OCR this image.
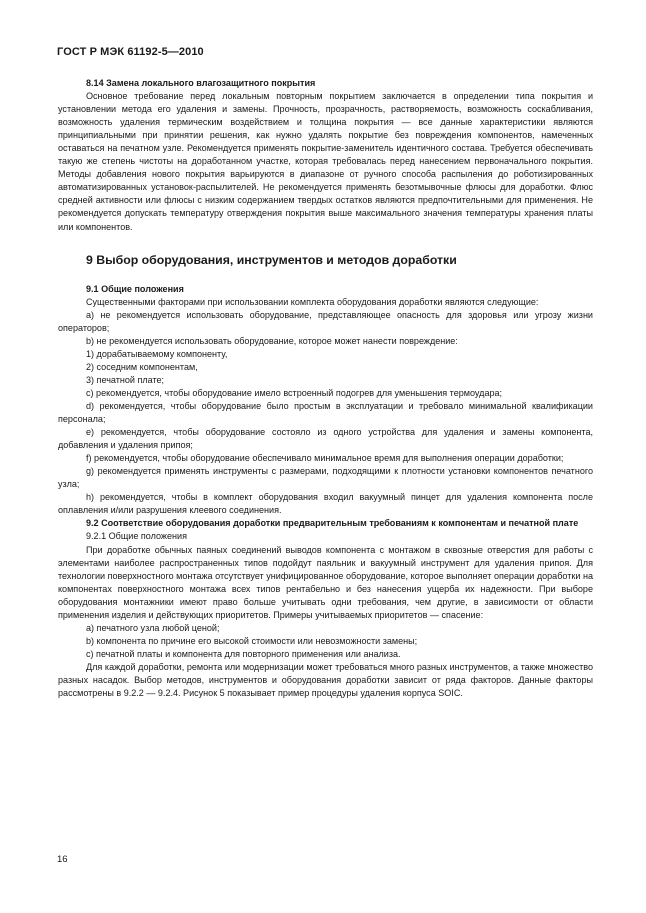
ГОСТ Р МЭК 61192-5—2010

8.14 Замена локального влагозащитного покрытия

Основное требование перед локальным повторным покрытием заключается в определении типа покрытия и установлении метода его удаления и замены. Прочность, прозрачность, растворяемость, возможность соскабливания, возможность удаления термическим воздействием и толщина покрытия — все данные характеристики являются принципиальными при принятии решения, как нужно удалять покрытие без повреждения компонентов, намеченных оставаться на печатном узле. Рекомендуется применять покрытие-заменитель идентичного состава. Требуется обеспечивать такую же степень чистоты на доработанном участке, которая требовалась перед нанесением первоначального покрытия. Методы добавления нового покрытия варьируются в диапазоне от ручного способа распыления до роботизированных автоматизированных установок-распылителей. Не рекомендуется применять безотмывочные флюсы для доработки. Флюс средней активности или флюсы с низким содержанием твердых остатков являются предпочтительными для применения. Не рекомендуется допускать температуру отверждения покрытия выше максимального значения температуры хранения платы или компонентов.

9 Выбор оборудования, инструментов и методов доработки

9.1 Общие положения

Существенными факторами при использовании комплекта оборудования доработки являются следующие:

a) не рекомендуется использовать оборудование, представляющее опасность для здоровья или угрозу жизни операторов;

b) не рекомендуется использовать оборудование, которое может нанести повреждение:

1) дорабатываемому компоненту,

2) соседним компонентам,

3) печатной плате;

c) рекомендуется, чтобы оборудование имело встроенный подогрев для уменьшения термоудара;

d) рекомендуется, чтобы оборудование было простым в эксплуатации и требовало минимальной квалификации персонала;

e) рекомендуется, чтобы оборудование состояло из одного устройства для удаления и замены компонента, добавления и удаления припоя;

f) рекомендуется, чтобы оборудование обеспечивало минимальное время для выполнения операции доработки;

g) рекомендуется применять инструменты с размерами, подходящими к плотности установки компонентов печатного узла;

h) рекомендуется, чтобы в комплект оборудования входил вакуумный пинцет для удаления компонента после оплавления и/или разрушения клеевого соединения.

9.2 Соответствие оборудования доработки предварительным требованиям к компонентам и печатной плате

9.2.1 Общие положения

При доработке обычных паяных соединений выводов компонента с монтажом в сквозные отверстия для работы с элементами наиболее распространенных типов подойдут паяльник и вакуумный инструмент для удаления припоя. Для технологии поверхностного монтажа отсутствует унифицированное оборудование, которое выполняет операции доработки на компонентах поверхностного монтажа всех типов рентабельно и без нанесения ущерба их надежности. При выборе оборудования монтажники имеют право больше учитывать одни требования, чем другие, в зависимости от области применения изделия и действующих приоритетов. Примеры учитываемых приоритетов — спасение:

a) печатного узла любой ценой;

b) компонента по причине его высокой стоимости или невозможности замены;

c) печатной платы и компонента для повторного применения или анализа.

Для каждой доработки, ремонта или модернизации может требоваться много разных инструментов, а также множество разных насадок. Выбор методов, инструментов и оборудования доработки зависит от ряда факторов. Данные факторы рассмотрены в 9.2.2 — 9.2.4. Рисунок 5 показывает пример процедуры удаления корпуса SOIC.

16
